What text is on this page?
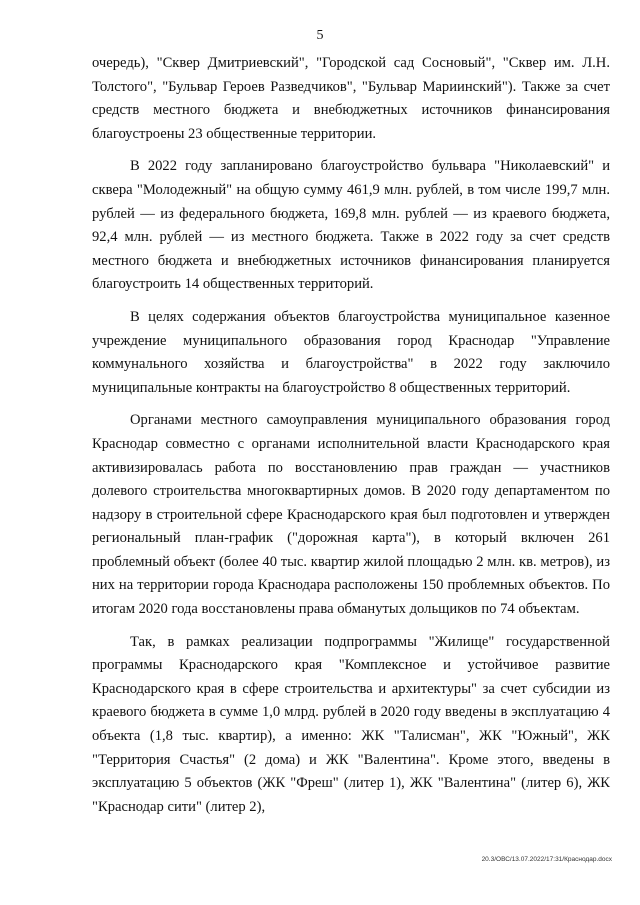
5

очередь), "Сквер Дмитриевский", "Городской сад Сосновый", "Сквер им. Л.Н. Толстого", "Бульвар Героев Разведчиков", "Бульвар Мариинский"). Также за счет средств местного бюджета и внебюджетных источников финансирования благоустроены 23 общественные территории.

В 2022 году запланировано благоустройство бульвара "Николаевский" и сквера "Молодежный" на общую сумму 461,9 млн. рублей, в том числе 199,7 млн. рублей — из федерального бюджета, 169,8 млн. рублей — из краевого бюджета, 92,4 млн. рублей — из местного бюджета. Также в 2022 году за счет средств местного бюджета и внебюджетных источников финансирования планируется благоустроить 14 общественных территорий.

В целях содержания объектов благоустройства муниципальное казенное учреждение муниципального образования город Краснодар "Управление коммунального хозяйства и благоустройства" в 2022 году заключило муниципальные контракты на благоустройство 8 общественных территорий.

Органами местного самоуправления муниципального образования город Краснодар совместно с органами исполнительной власти Краснодарского края активизировалась работа по восстановлению прав граждан — участников долевого строительства многоквартирных домов. В 2020 году департаментом по надзору в строительной сфере Краснодарского края был подготовлен и утвержден региональный план-график ("дорожная карта"), в который включен 261 проблемный объект (более 40 тыс. квартир жилой площадью 2 млн. кв. метров), из них на территории города Краснодара расположены 150 проблемных объектов. По итогам 2020 года восстановлены права обманутых дольщиков по 74 объектам.

Так, в рамках реализации подпрограммы "Жилище" государственной программы Краснодарского края "Комплексное и устойчивое развитие Краснодарского края в сфере строительства и архитектуры" за счет субсидии из краевого бюджета в сумме 1,0 млрд. рублей в 2020 году введены в эксплуатацию 4 объекта (1,8 тыс. квартир), а именно: ЖК "Талисман", ЖК "Южный", ЖК "Территория Счастья" (2 дома) и ЖК "Валентина". Кроме этого, введены в эксплуатацию 5 объектов (ЖК "Фреш" (литер 1), ЖК "Валентина" (литер 6), ЖК "Краснодар сити" (литер 2),

20.3/ОВС/13.07.2022/17:31/Краснодар.docx
